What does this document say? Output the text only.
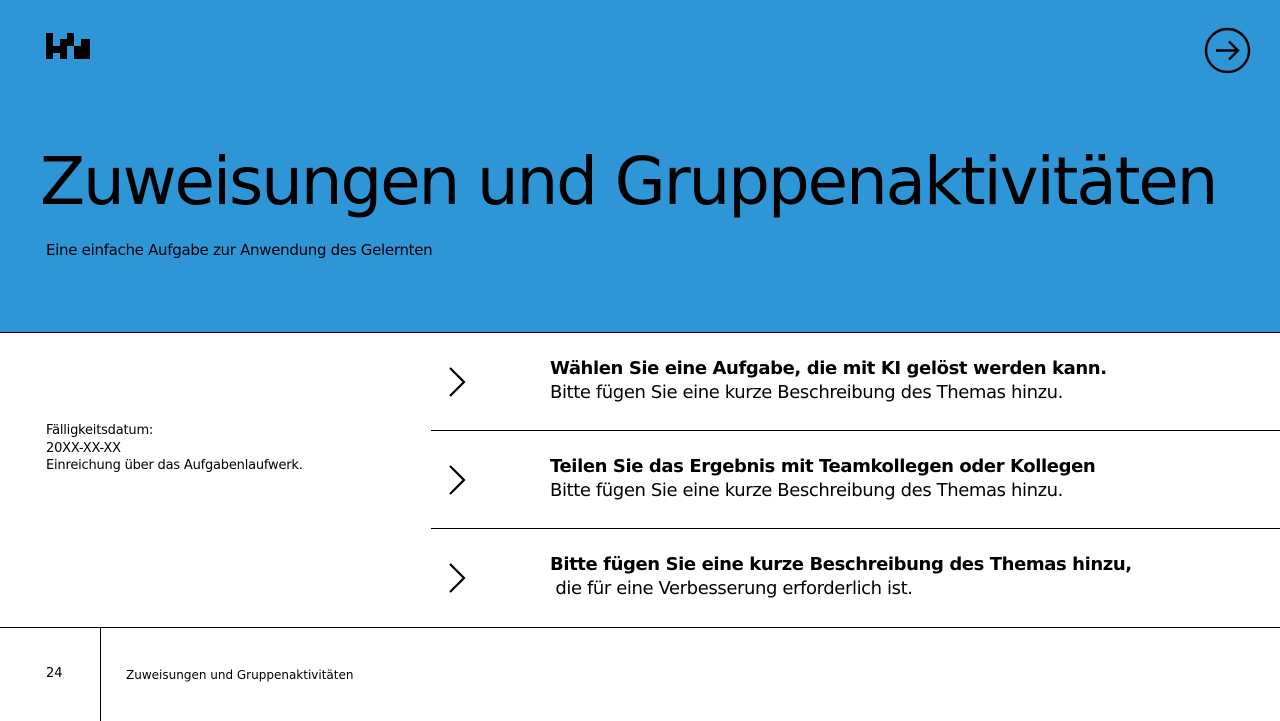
Zuweisungen und Gruppenaktivitäten

Eine einfache Aufgabe zur Anwendung des Gelernten

Fälligkeitsdatum:
20XX-XX-XX
Einreichung über das Aufgabenlaufwerk.
Wählen Sie eine Aufgabe, die mit KI gelöst werden kann.
Bitte fügen Sie eine kurze Beschreibung des Themas hinzu.
Teilen Sie das Ergebnis mit Teamkollegen oder Kollegen
Bitte fügen Sie eine kurze Beschreibung des Themas hinzu.
Bitte fügen Sie eine kurze Beschreibung des Themas hinzu,
die für eine Verbesserung erforderlich ist.
24	Zuweisungen und Gruppenaktivitäten
